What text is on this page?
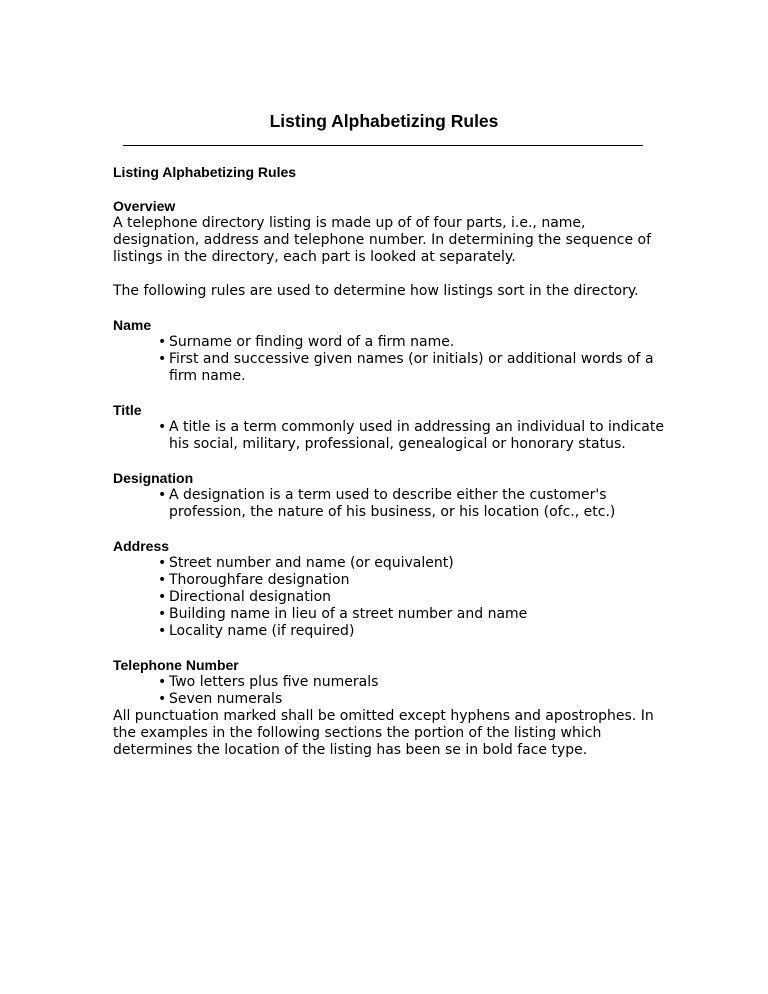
Listing Alphabetizing Rules
Listing Alphabetizing Rules
Overview

A telephone directory listing is made up of of four parts, i.e., name, designation, address and telephone number. In determining the sequence of listings in the directory, each part is looked at separately.

The following rules are used to determine how listings sort in the directory.

Name
• Surname or finding word of a firm name.
• First and successive given names (or initials) or additional words of a firm name.
Title
• A title is a term commonly used in addressing an individual to indicate his social, military, professional, genealogical or honorary status.
Designation
• A designation is a term used to describe either the customer's profession, the nature of his business, or his location (ofc., etc.)
Address
• Street number and name (or equivalent)
• Thoroughfare designation
• Directional designation
• Building name in lieu of a street number and name
• Locality name (if required)
Telephone Number
• Two letters plus five numerals
• Seven numerals

All punctuation marked shall be omitted except hyphens and apostrophes. In the examples in the following sections the portion of the listing which determines the location of the listing has been se in bold face type.
